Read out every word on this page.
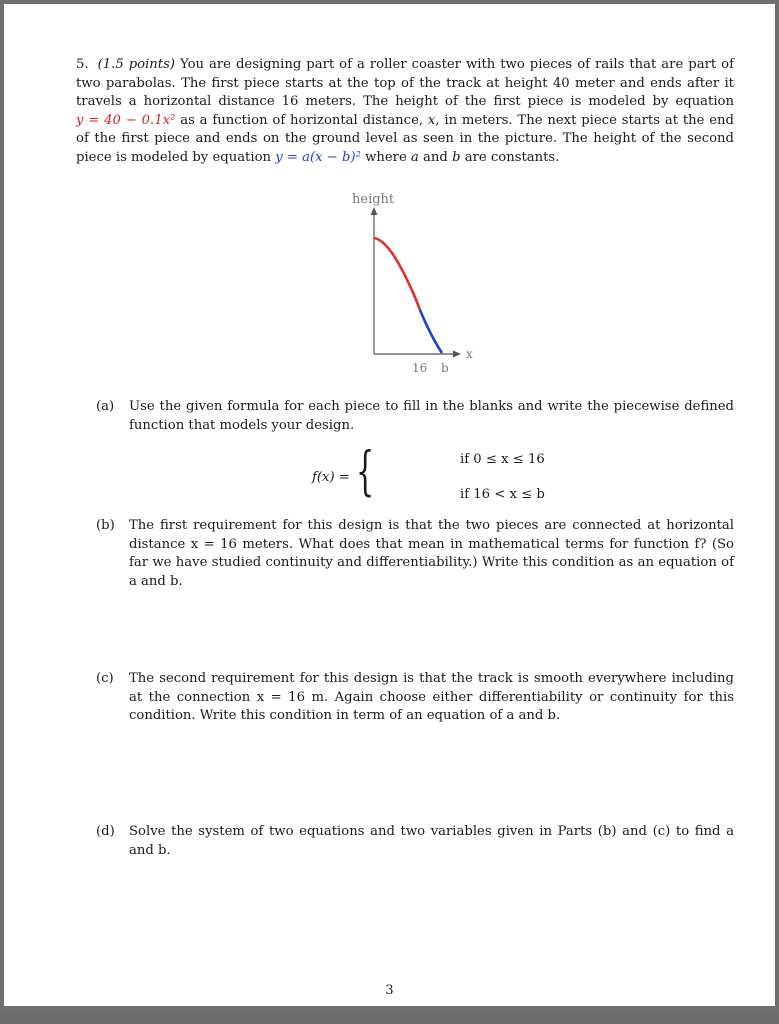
5. (1.5 points) You are designing part of a roller coaster with two pieces of rails that are part of two parabolas. The first piece starts at the top of the track at height 40 meter and ends after it travels a horizontal distance 16 meters. The height of the first piece is modeled by equation y = 40 − 0.1x² as a function of horizontal distance, x, in meters. The next piece starts at the end of the first piece and ends on the ground level as seen in the picture. The height of the second piece is modeled by equation y = a(x − b)² where a and b are constants.
height
x
16 b
(a) Use the given formula for each piece to fill in the blanks and write the piecewise defined function that models your design.
f(x) = {	if 0 ≤ x ≤ 16
if 16 < x ≤ b
(b) The first requirement for this design is that the two pieces are connected at horizontal distance x = 16 meters. What does that mean in mathematical terms for function f? (So far we have studied continuity and differentiability.) Write this condition as an equation of a and b.
(c) The second requirement for this design is that the track is smooth everywhere including at the connection x = 16 m. Again choose either differentiability or continuity for this condition. Write this condition in term of an equation of a and b.
(d) Solve the system of two equations and two variables given in Parts (b) and (c) to find a and b.
3
